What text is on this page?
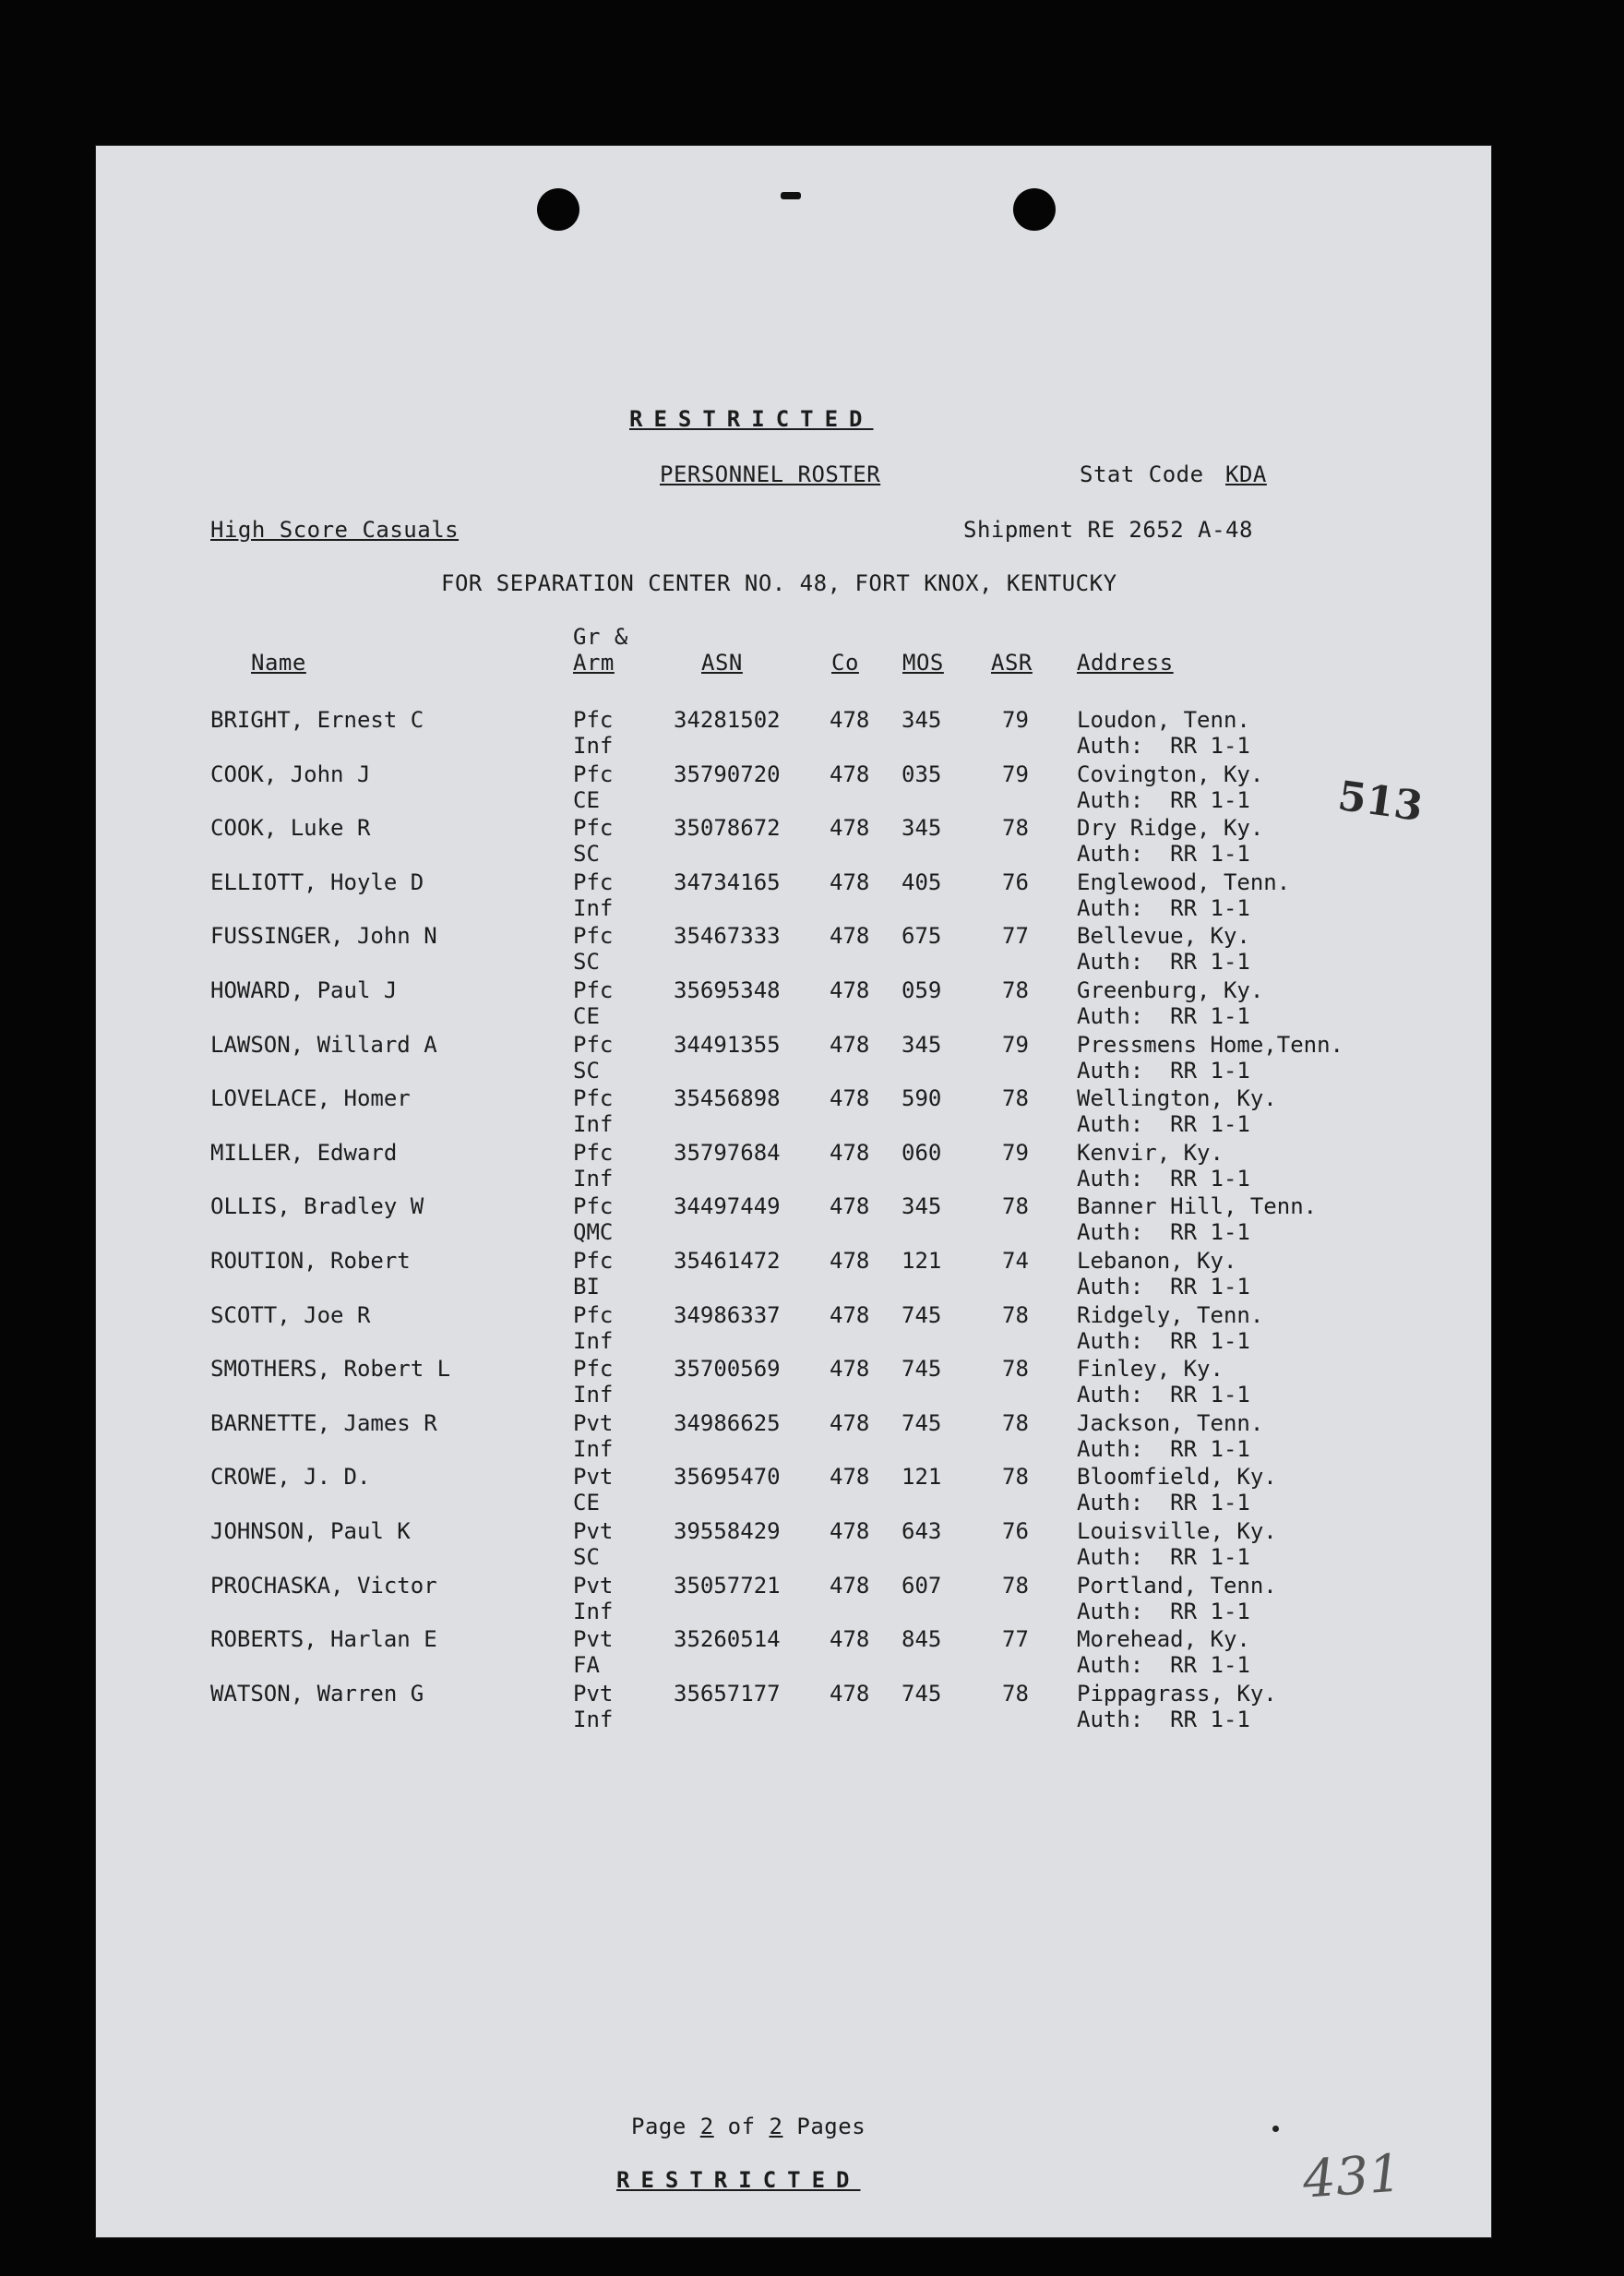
RESTRICTED
PERSONNEL ROSTER	Stat Code KDA
High Score Casuals	Shipment RE 2652 A-48
FOR SEPARATION CENTER NO. 48, FORT KNOX, KENTUCKY
Gr &
Name	Arm	ASN	Co MOS ASR Address
BRIGHT, Ernest C	Pfc	34281502 478 345	79 Loudon, Tenn.
Inf	Auth:  RR 1-1
COOK, John J	Pfc	35790720 478 035	79 Covington, Ky.
CE	Auth:  RR 1-1
COOK, Luke R	Pfc	35078672 478 345	78 Dry Ridge, Ky.
SC	Auth:  RR 1-1
ELLIOTT, Hoyle D	Pfc	34734165 478 405	76 Englewood, Tenn.
Inf	Auth:  RR 1-1
FUSSINGER, John N	Pfc	35467333 478 675	77 Bellevue, Ky.
SC	Auth:  RR 1-1
HOWARD, Paul J	Pfc	35695348 478 059	78 Greenburg, Ky.
CE	Auth:  RR 1-1
LAWSON, Willard A	Pfc	34491355 478 345	79 Pressmens Home,Tenn.
SC	Auth:  RR 1-1
LOVELACE, Homer	Pfc	35456898 478 590	78 Wellington, Ky.
Inf	Auth:  RR 1-1
MILLER, Edward	Pfc	35797684 478 060	79 Kenvir, Ky.
Inf	Auth:  RR 1-1
OLLIS, Bradley W	Pfc	34497449 478 345	78 Banner Hill, Tenn.
QMC	Auth:  RR 1-1
ROUTION, Robert	Pfc	35461472 478 121	74 Lebanon, Ky.
BI	Auth:  RR 1-1
SCOTT, Joe R	Pfc	34986337 478 745	78 Ridgely, Tenn.
Inf	Auth:  RR 1-1
SMOTHERS, Robert L	Pfc	35700569 478 745	78 Finley, Ky.
Inf	Auth:  RR 1-1
BARNETTE, James R	Pvt	34986625 478 745	78 Jackson, Tenn.
Inf	Auth:  RR 1-1
CROWE, J. D.	Pvt	35695470 478 121	78 Bloomfield, Ky.
CE	Auth:  RR 1-1
JOHNSON, Paul K	Pvt	39558429 478 643	76 Louisville, Ky.
SC	Auth:  RR 1-1
PROCHASKA, Victor	Pvt	35057721 478 607	78 Portland, Tenn.
Inf	Auth:  RR 1-1
ROBERTS, Harlan E	Pvt	35260514 478 845	77 Morehead, Ky.
FA	Auth:  RR 1-1
WATSON, Warren G	Pvt	35657177 478 745	78 Pippagrass, Ky.
Inf	Auth:  RR 1-1
513
Page 2 of 2 Pages
RESTRICTED	431
